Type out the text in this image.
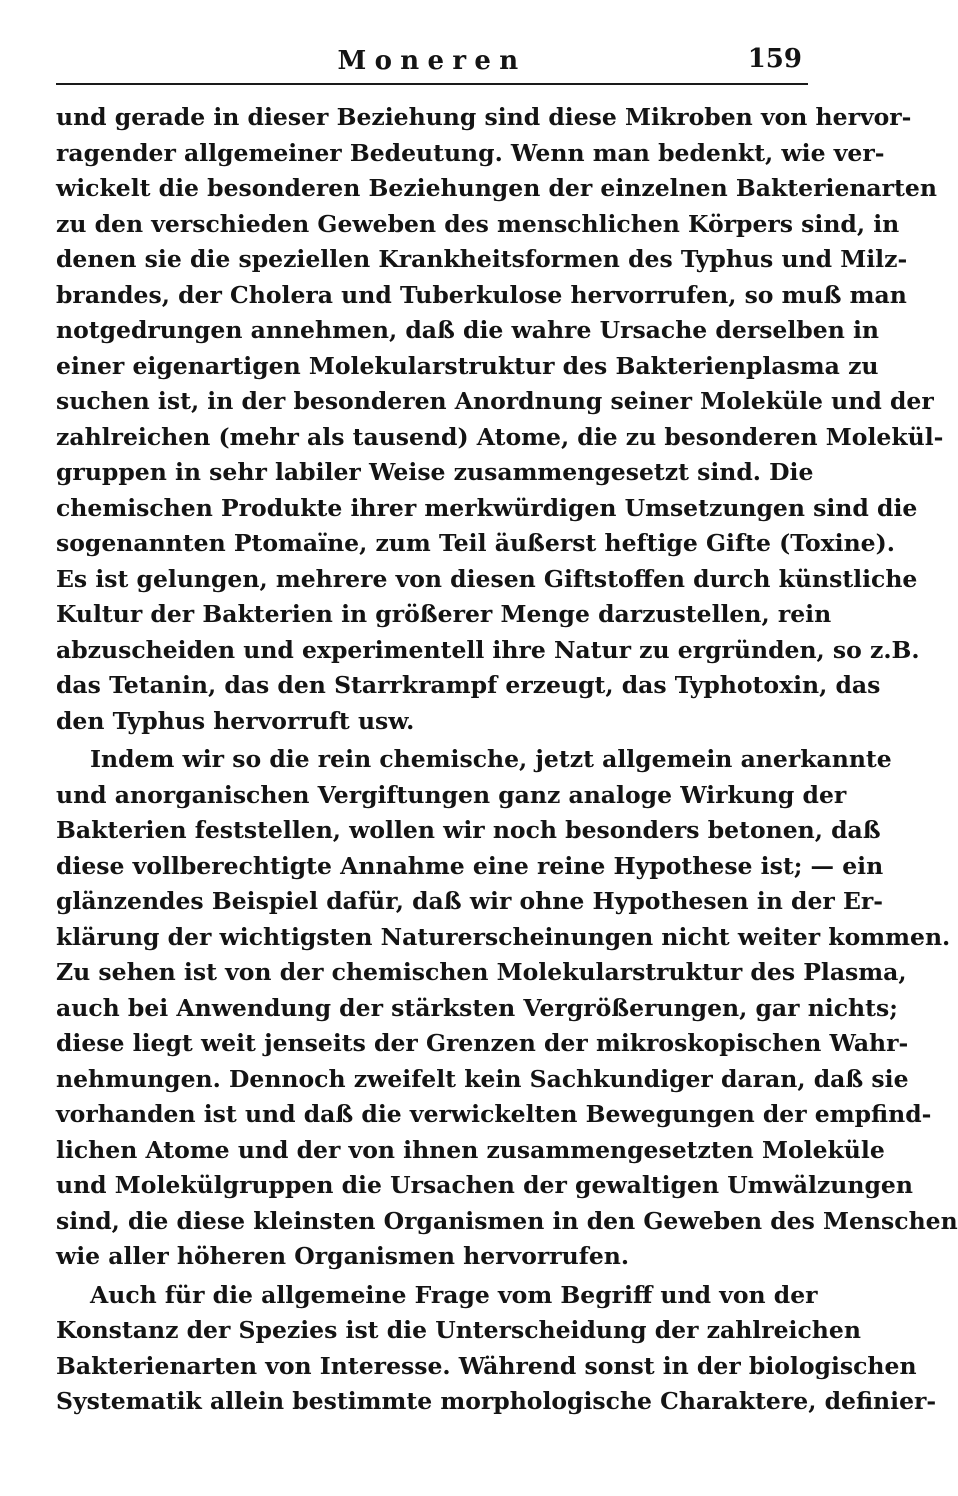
Moneren	159
und gerade in dieser Beziehung sind diese Mikroben von hervor-
ragender allgemeiner Bedeutung. Wenn man bedenkt, wie ver-
wickelt die besonderen Beziehungen der einzelnen Bakterienarten
zu den verschieden Geweben des menschlichen Körpers sind, in
denen sie die speziellen Krankheitsformen des Typhus und Milz-
brandes, der Cholera und Tuberkulose hervorrufen, so muß man
notgedrungen annehmen, daß die wahre Ursache derselben in
einer eigenartigen Molekularstruktur des Bakterienplasma zu
suchen ist, in der besonderen Anordnung seiner Moleküle und der
zahlreichen (mehr als tausend) Atome, die zu besonderen Molekül-
gruppen in sehr labiler Weise zusammengesetzt sind. Die
chemischen Produkte ihrer merkwürdigen Umsetzungen sind die
sogenannten Ptomaïne, zum Teil äußerst heftige Gifte (Toxine).
Es ist gelungen, mehrere von diesen Giftstoffen durch künstliche
Kultur der Bakterien in größerer Menge darzustellen, rein
abzuscheiden und experimentell ihre Natur zu ergründen, so z.B.
das Tetanin, das den Starrkrampf erzeugt, das Typhotoxin, das
den Typhus hervorruft usw.
Indem wir so die rein chemische, jetzt allgemein anerkannte
und anorganischen Vergiftungen ganz analoge Wirkung der
Bakterien feststellen, wollen wir noch besonders betonen, daß
diese vollberechtigte Annahme eine reine Hypothese ist; — ein
glänzendes Beispiel dafür, daß wir ohne Hypothesen in der Er-
klärung der wichtigsten Naturerscheinungen nicht weiter kommen.
Zu sehen ist von der chemischen Molekularstruktur des Plasma,
auch bei Anwendung der stärksten Vergrößerungen, gar nichts;
diese liegt weit jenseits der Grenzen der mikroskopischen Wahr-
nehmungen. Dennoch zweifelt kein Sachkundiger daran, daß sie
vorhanden ist und daß die verwickelten Bewegungen der empfind-
lichen Atome und der von ihnen zusammengesetzten Moleküle
und Molekülgruppen die Ursachen der gewaltigen Umwälzungen
sind, die diese kleinsten Organismen in den Geweben des Menschen
wie aller höheren Organismen hervorrufen.
Auch für die allgemeine Frage vom Begriff und von der
Konstanz der Spezies ist die Unterscheidung der zahlreichen
Bakterienarten von Interesse. Während sonst in der biologischen
Systematik allein bestimmte morphologische Charaktere, definier-
